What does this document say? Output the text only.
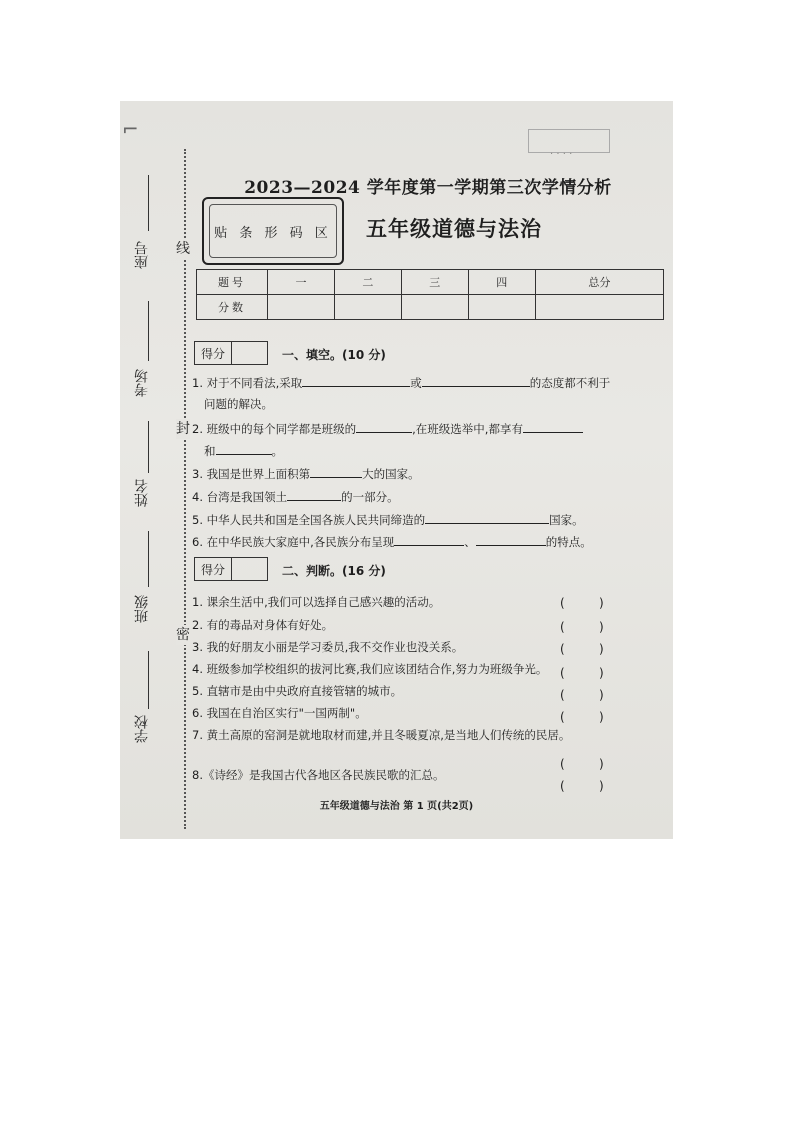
· · · ·
⌐
线
封
密
座号
考场
姓名
班级
学校
2023—2024 学年度第一学期第三次学情分析
贴 条 形 码 区 五年级道德与法治
题号	一	二	三	四	总分
分数					
得分	一、填空。(10 分)
1. 对于不同看法,采取	或	的态度都不利于
问题的解决。
2. 班级中的每个同学都是班级的	,在班级选举中,都享有
和	。
3. 我国是世界上面积第	大的国家。
4. 台湾是我国领土	的一部分。
5. 中华人民共和国是全国各族人民共同缔造的	国家。
6. 在中华民族大家庭中,各民族分布呈现	、	的特点。
得分	二、判断。(16 分)
1. 课余生活中,我们可以选择自己感兴趣的活动。	(         )
2. 有的毒品对身体有好处。	(         )
3. 我的好朋友小丽是学习委员,我不交作业也没关系。	(         )
4. 班级参加学校组织的拔河比赛,我们应该团结合作,努力为班级争光。 (         )
5. 直辖市是由中央政府直接管辖的城市。	(         )
6. 我国在自治区实行"一国两制"。	(         )
7. 黄土高原的窑洞是就地取材而建,并且冬暖夏凉,是当地人们传统的民居。
(         )
8.《诗经》是我国古代各地区各民族民歌的汇总。
(         )
五年级道德与法治 第 1 页(共2页)
